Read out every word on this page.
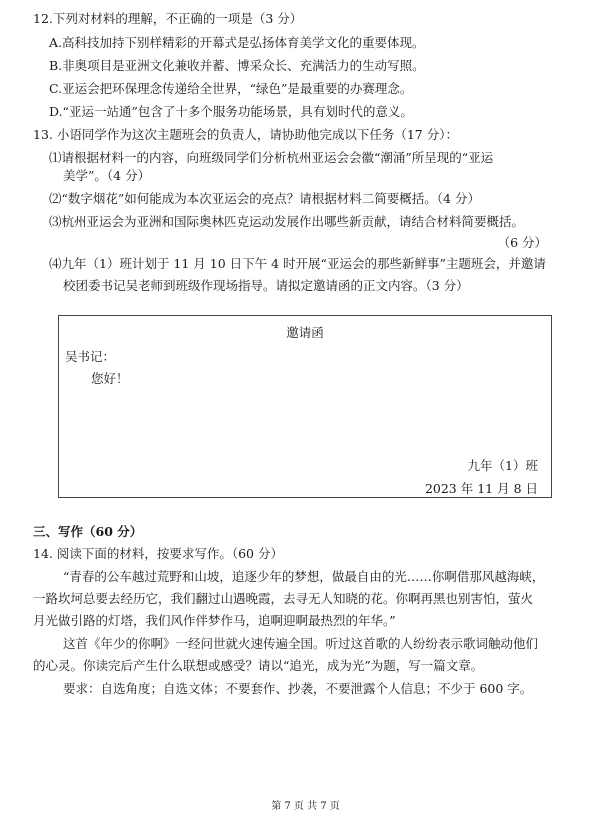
12.下列对材料的理解，不正确的一项是（3 分）
A.高科技加持下别样精彩的开幕式是弘扬体育美学文化的重要体现。
B.非奥项目是亚洲文化兼收并蓄、博采众长、充满活力的生动写照。
C.亚运会把环保理念传递给全世界，“绿色”是最重要的办赛理念。
D.“亚运一站通”包含了十多个服务功能场景，具有划时代的意义。
13. 小语同学作为这次主题班会的负责人，请协助他完成以下任务（17 分）：
⑴请根据材料一的内容，向班级同学们分析杭州亚运会会徽“潮涌”所呈现的“亚运
美学”。（4 分）
⑵“数字烟花”如何能成为本次亚运会的亮点？请根据材料二简要概括。（4 分）
⑶杭州亚运会为亚洲和国际奥林匹克运动发展作出哪些新贡献，请结合材料简要概括。
（6 分）
⑷九年（1）班计划于 11 月 10 日下午 4 时开展“亚运会的那些新鲜事”主题班会，并邀请
校团委书记吴老师到班级作现场指导。请拟定邀请函的正文内容。（3 分）
邀请函
吴书记：
您好！
九年（1）班
2023 年 11 月 8 日
三、写作（60 分）
14. 阅读下面的材料，按要求写作。（60 分）
“青春的公车越过荒野和山坡，追逐少年的梦想，做最自由的光……你啊借那风越海峡，
一路坎坷总要去经历它，我们翻过山遇晚霞，去寻无人知晓的花。你啊再黑也别害怕，萤火
月光做引路的灯塔，我们风作伴梦作马，追啊迎啊最热烈的年华。”
这首《年少的你啊》一经问世就火速传遍全国。听过这首歌的人纷纷表示歌词触动他们
的心灵。你读完后产生什么联想或感受？请以“追光，成为光”为题，写一篇文章。
要求：自选角度；自选文体；不要套作、抄袭，不要泄露个人信息；不少于 600 字。
第 7 页 共 7 页
